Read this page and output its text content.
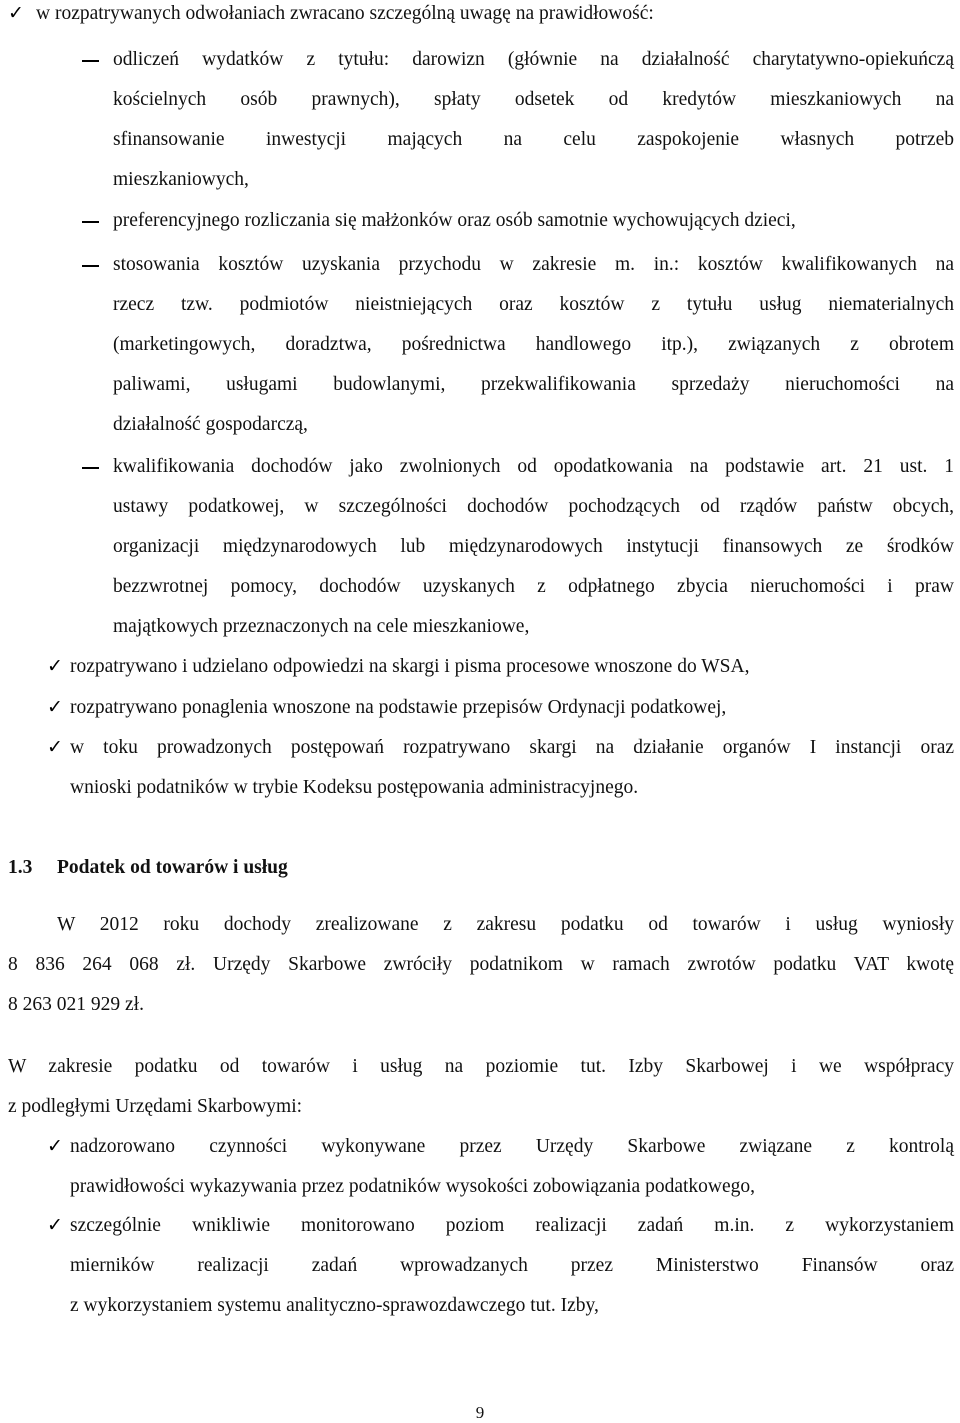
✓ w rozpatrywanych odwołaniach zwracano szczególną uwagę na prawidłowość:
odliczeń wydatków z tytułu: darowizn (głównie na działalność charytatywno-opiekuńczą
kościelnych osób prawnych), spłaty odsetek od kredytów mieszkaniowych na
sfinansowanie inwestycji mających na celu zaspokojenie własnych potrzeb
mieszkaniowych,
preferencyjnego rozliczania się małżonków oraz osób samotnie wychowujących dzieci,
stosowania kosztów uzyskania przychodu w zakresie m. in.: kosztów kwalifikowanych na
rzecz tzw. podmiotów nieistniejących oraz kosztów z tytułu usług niematerialnych
(marketingowych, doradztwa, pośrednictwa handlowego itp.), związanych z obrotem
paliwami, usługami budowlanymi, przekwalifikowania sprzedaży nieruchomości na
działalność gospodarczą,
kwalifikowania dochodów jako zwolnionych od opodatkowania na podstawie art. 21 ust. 1
ustawy podatkowej, w szczególności dochodów pochodzących od rządów państw obcych,
organizacji międzynarodowych lub międzynarodowych instytucji finansowych ze środków
bezzwrotnej pomocy, dochodów uzyskanych z odpłatnego zbycia nieruchomości i praw
majątkowych przeznaczonych na cele mieszkaniowe,
✓ rozpatrywano i udzielano odpowiedzi na skargi i pisma procesowe wnoszone do WSA,
✓ rozpatrywano ponaglenia wnoszone na podstawie przepisów Ordynacji podatkowej,
✓ w toku prowadzonych postępowań rozpatrywano skargi na działanie organów I instancji oraz
wnioski podatników w trybie Kodeksu postępowania administracyjnego.
1.3 Podatek od towarów i usług
W 2012 roku dochody zrealizowane z zakresu podatku od towarów i usług wyniosły
8 836 264 068 zł. Urzędy Skarbowe zwróciły podatnikom w ramach zwrotów podatku VAT kwotę
8 263 021 929 zł.
W zakresie podatku od towarów i usług na poziomie tut. Izby Skarbowej i we współpracy
z podległymi Urzędami Skarbowymi:
✓ nadzorowano czynności wykonywane przez Urzędy Skarbowe związane z kontrolą
prawidłowości wykazywania przez podatników wysokości zobowiązania podatkowego,
✓ szczególnie wnikliwie monitorowano poziom realizacji zadań m.in. z wykorzystaniem
mierników realizacji zadań wprowadzanych przez Ministerstwo Finansów oraz
z wykorzystaniem systemu analityczno-sprawozdawczego tut. Izby,
9
